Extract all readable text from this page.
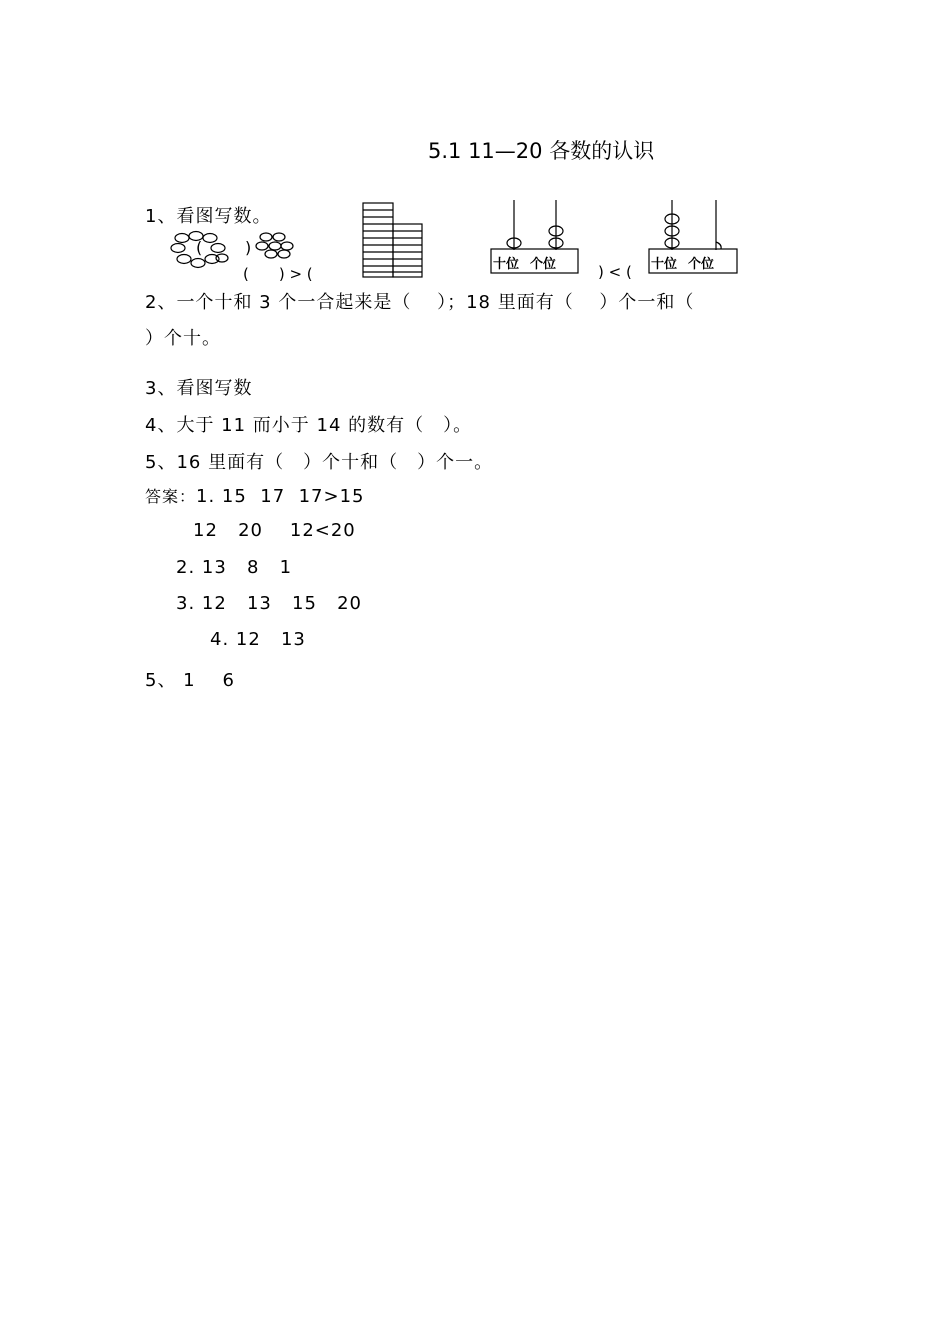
5.1 11—20 各数的认识
1、看图写数。
(	)
(　　) > (
十位 个位	) < ( 十位 个位
2、一个十和 3 个一合起来是（　 ）；18 里面有（　 ）个一和（
）个十。
3、看图写数
4、大于 11 而小于 14 的数有（　）。
5、16 里面有（　）个十和（　）个一。
答案：1. 15  17  17>15
12   20    12<20
2. 13   8   1
3. 12   13   15   20
4. 12   13
5、 1    6
